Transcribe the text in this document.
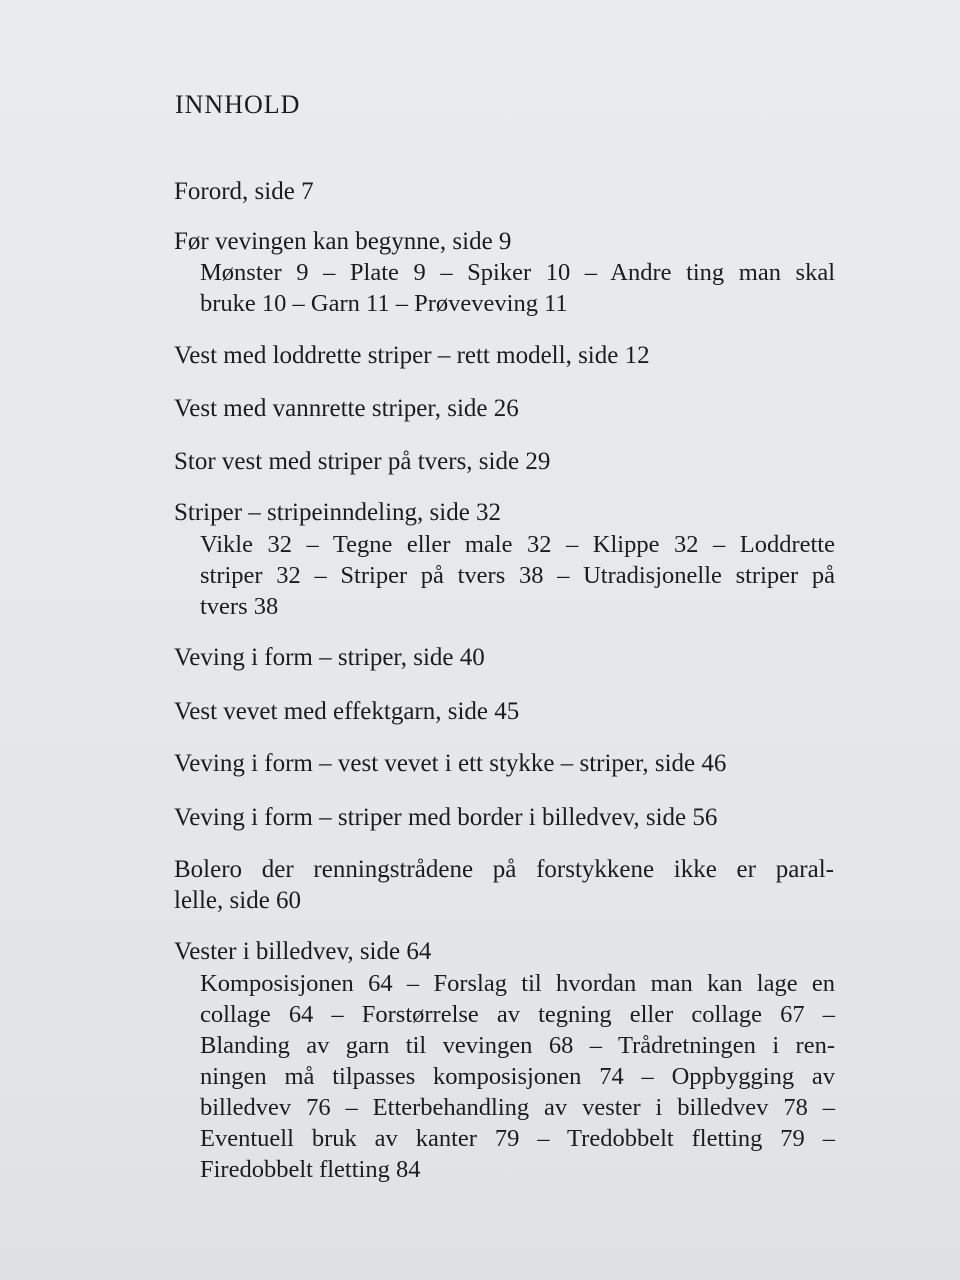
INNHOLD
Forord, side 7
Før vevingen kan begynne, side 9
Mønster 9 – Plate 9 – Spiker 10 – Andre ting man skal
bruke 10 – Garn 11 – Prøveveving 11
Vest med loddrette striper – rett modell, side 12
Vest med vannrette striper, side 26
Stor vest med striper på tvers, side 29
Striper – stripeinndeling, side 32
Vikle 32 – Tegne eller male 32 – Klippe 32 – Loddrette
striper 32 – Striper på tvers 38 – Utradisjonelle striper på
tvers 38
Veving i form – striper, side 40
Vest vevet med effektgarn, side 45
Veving i form – vest vevet i ett stykke – striper, side 46
Veving i form – striper med border i billedvev, side 56
Bolero der renningstrådene på forstykkene ikke er paral-
lelle, side 60
Vester i billedvev, side 64
Komposisjonen 64 – Forslag til hvordan man kan lage en
collage 64 – Forstørrelse av tegning eller collage 67 –
Blanding av garn til vevingen 68 – Trådretningen i ren-
ningen må tilpasses komposisjonen 74 – Oppbygging av
billedvev 76 – Etterbehandling av vester i billedvev 78 –
Eventuell bruk av kanter 79 – Tredobbelt fletting 79 –
Firedobbelt fletting 84
